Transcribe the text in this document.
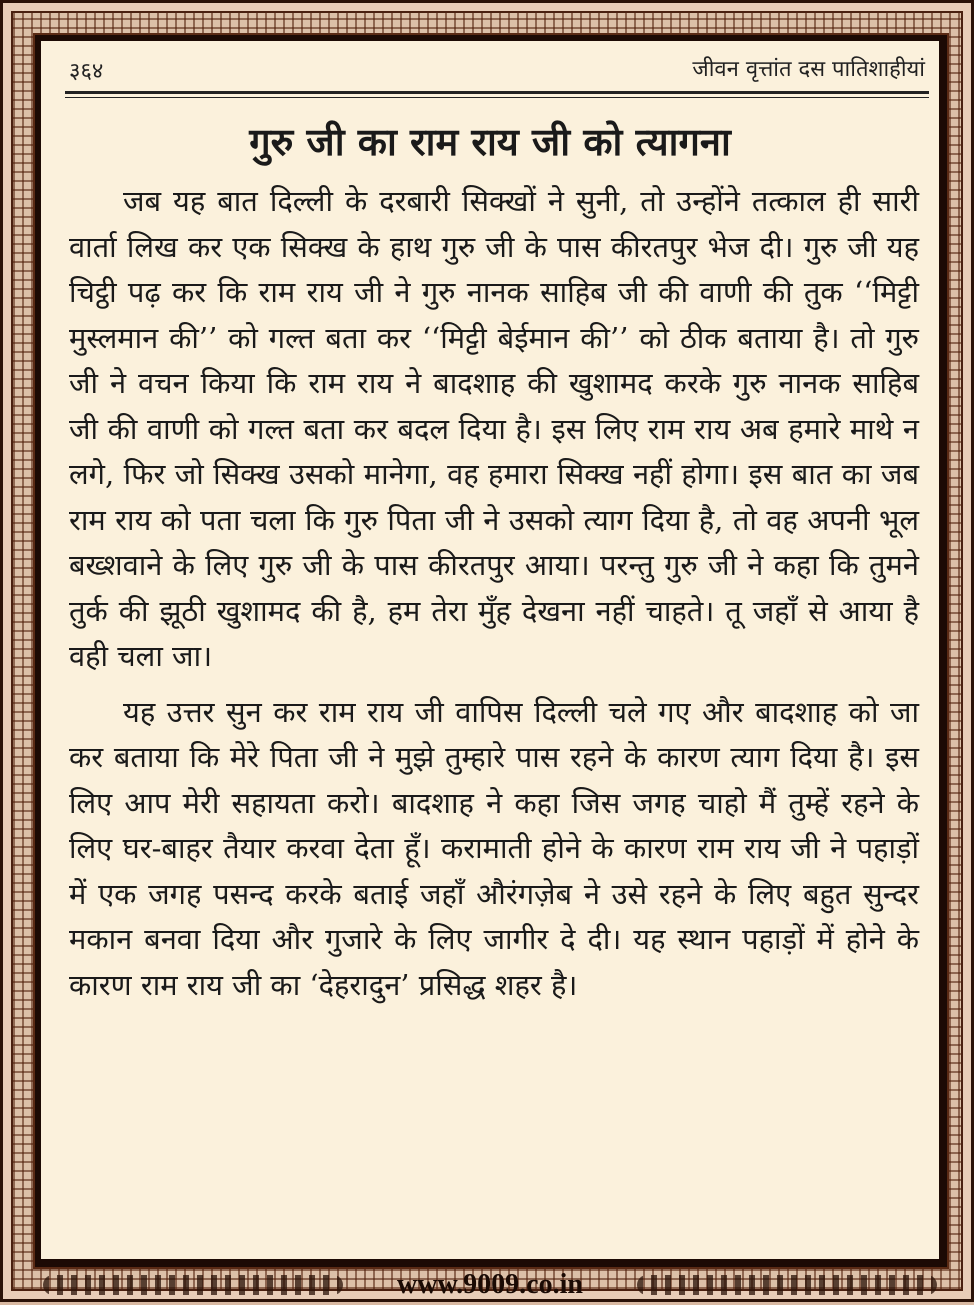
३६४	जीवन वृत्तांत दस पातिशाहीयां
गुरु जी का राम राय जी को त्यागना

जब यह बात दिल्ली के दरबारी सिक्खों ने सुनी, तो उन्होंने तत्काल ही सारी वार्ता लिख कर एक सिक्ख के हाथ गुरु जी के पास कीरतपुर भेज दी। गुरु जी यह चिट्ठी पढ़ कर कि राम राय जी ने गुरु नानक साहिब जी की वाणी की तुक ‘‘मिट्टी मुस्लमान की’’ को गल्त बता कर ‘‘मिट्टी बेईमान की’’ को ठीक बताया है। तो गुरु जी ने वचन किया कि राम राय ने बादशाह की खुशामद करके गुरु नानक साहिब जी की वाणी को गल्त बता कर बदल दिया है। इस लिए राम राय अब हमारे माथे न लगे, फिर जो सिक्ख उसको मानेगा, वह हमारा सिक्ख नहीं होगा। इस बात का जब राम राय को पता चला कि गुरु पिता जी ने उसको त्याग दिया है, तो वह अपनी भूल बख्शवाने के लिए गुरु जी के पास कीरतपुर आया। परन्तु गुरु जी ने कहा कि तुमने तुर्क की झूठी खुशामद की है, हम तेरा मुँह देखना नहीं चाहते। तू जहाँ से आया है वही चला जा।

यह उत्तर सुन कर राम राय जी वापिस दिल्ली चले गए और बादशाह को जा कर बताया कि मेरे पिता जी ने मुझे तुम्हारे पास रहने के कारण त्याग दिया है। इस लिए आप मेरी सहायता करो। बादशाह ने कहा जिस जगह चाहो मैं तुम्हें रहने के लिए घर-बाहर तैयार करवा देता हूँ। करामाती होने के कारण राम राय जी ने पहाड़ों में एक जगह पसन्द करके बताई जहाँ औरंगज़ेब ने उसे रहने के लिए बहुत सुन्दर मकान बनवा दिया और गुजारे के लिए जागीर दे दी। यह स्थान पहाड़ों में होने के कारण राम राय जी का ‘देहरादुन’ प्रसिद्ध शहर है।

www.9009.co.in
